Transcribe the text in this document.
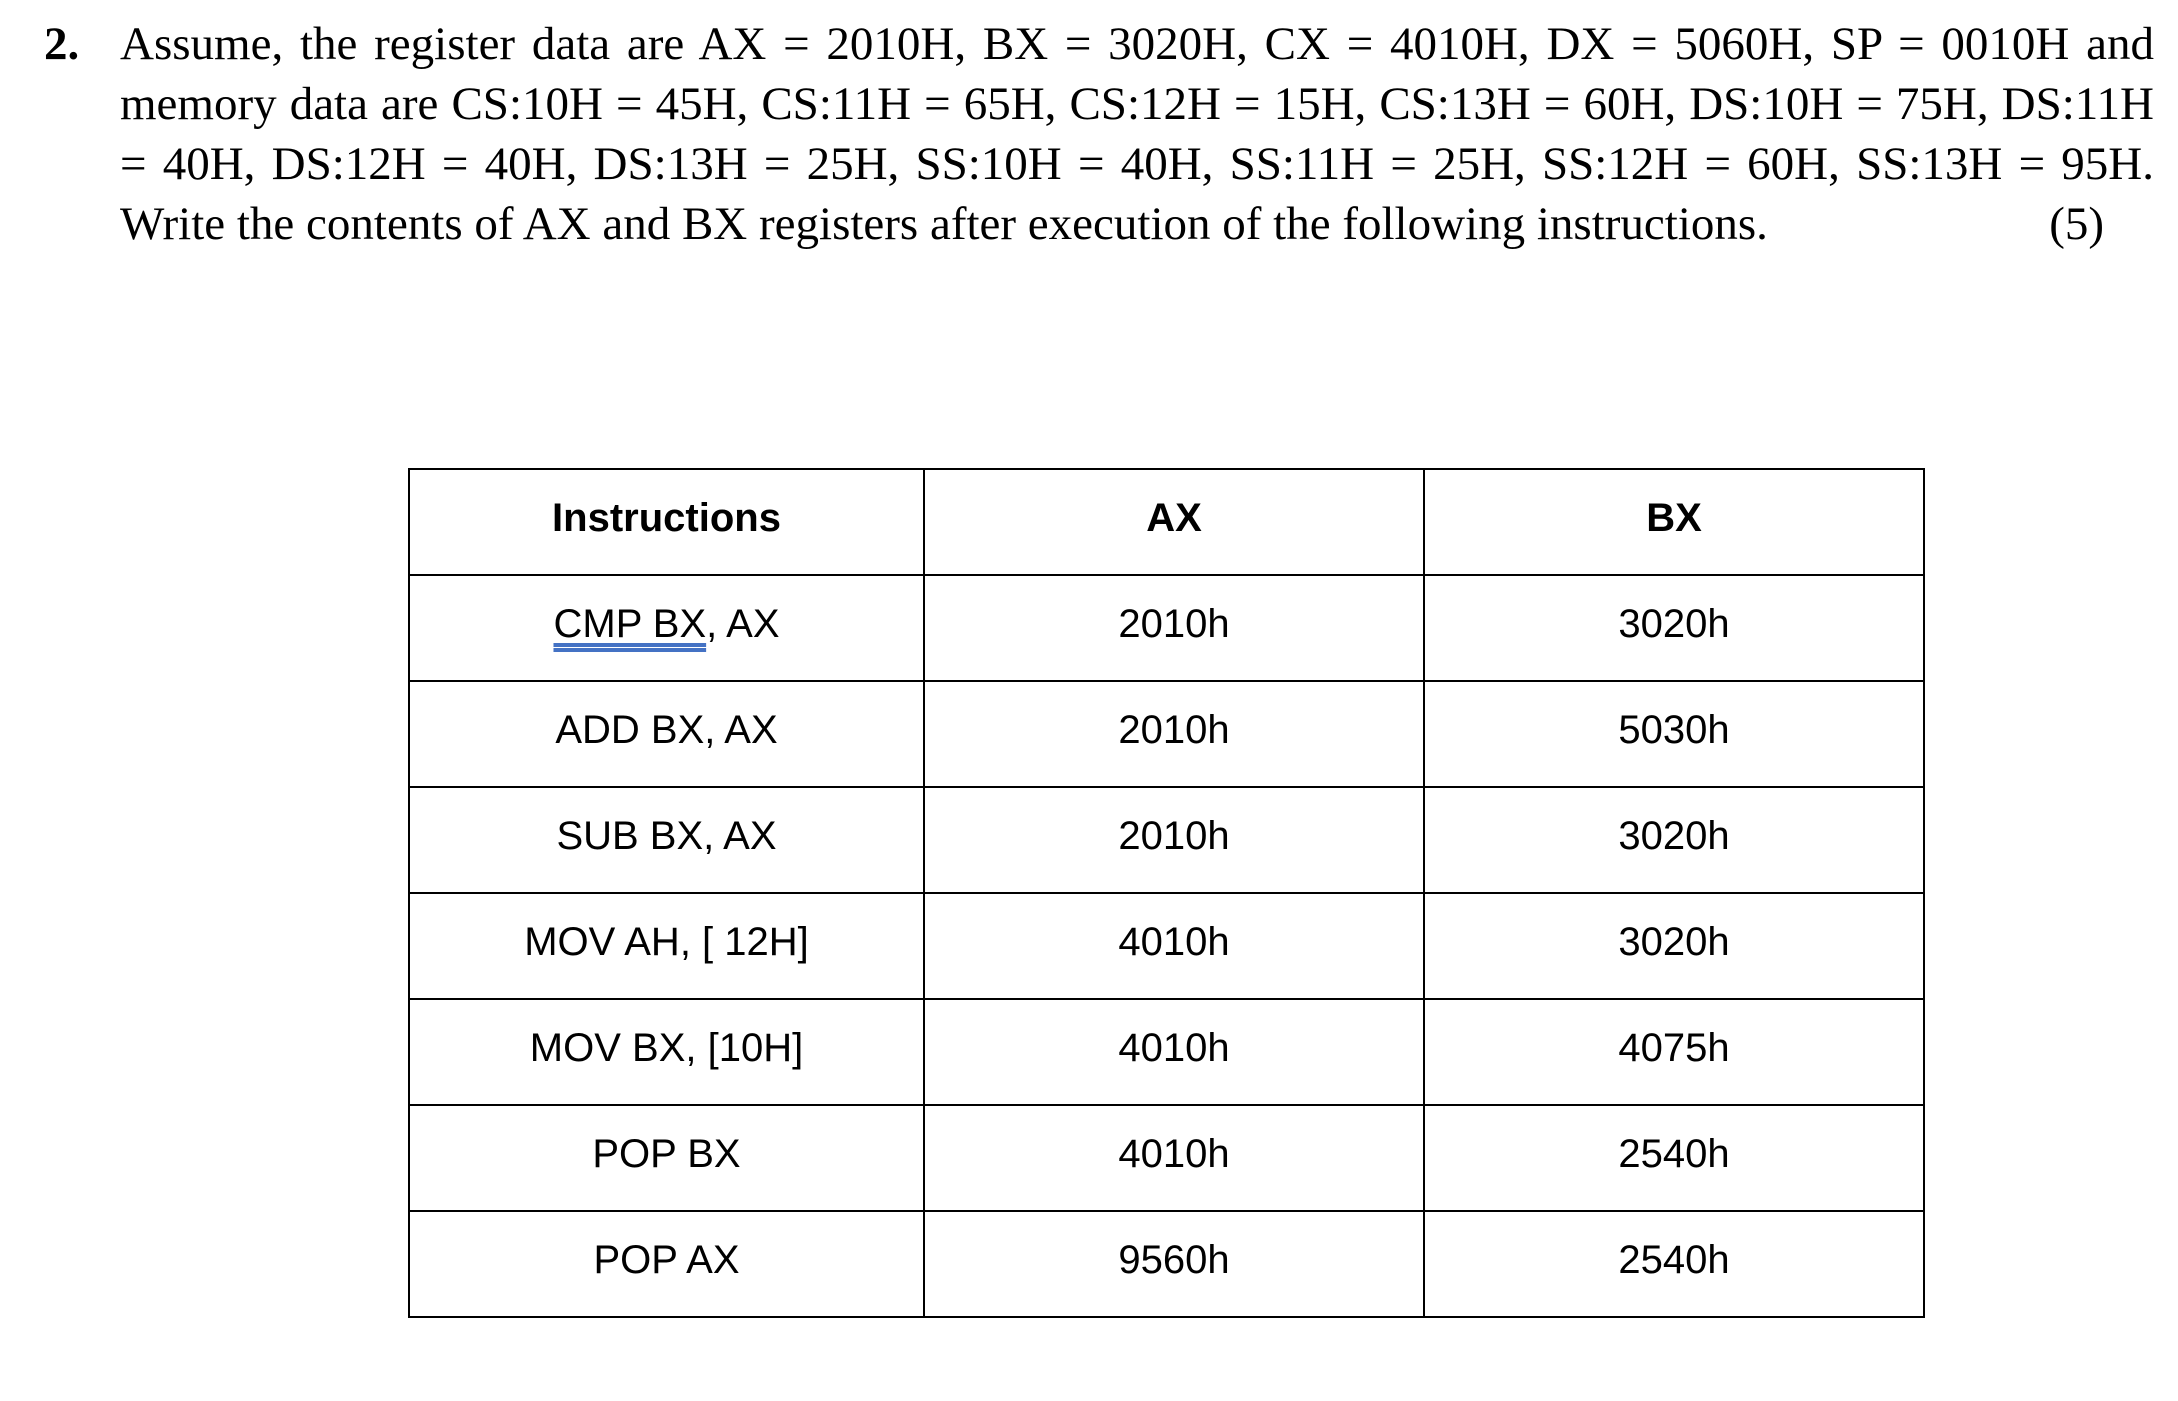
2. Assume, the register data are AX = 2010H, BX = 3020H, CX = 4010H, DX = 5060H, SP = 0010H and
memory data are CS:10H = 45H, CS:11H = 65H, CS:12H = 15H, CS:13H = 60H, DS:10H = 75H, DS:11H
= 40H, DS:12H = 40H, DS:13H = 25H, SS:10H = 40H, SS:11H = 25H, SS:12H = 60H, SS:13H = 95H.
Write the contents of AX and BX registers after execution of the following instructions.	(5)
Instructions	AX	BX
CMP BX, AX	2010h	3020h
ADD BX, AX	2010h	5030h
SUB BX, AX	2010h	3020h
MOV AH, [ 12H]	4010h	3020h
MOV BX, [10H]	4010h	4075h
POP BX	4010h	2540h
POP AX	9560h	2540h
